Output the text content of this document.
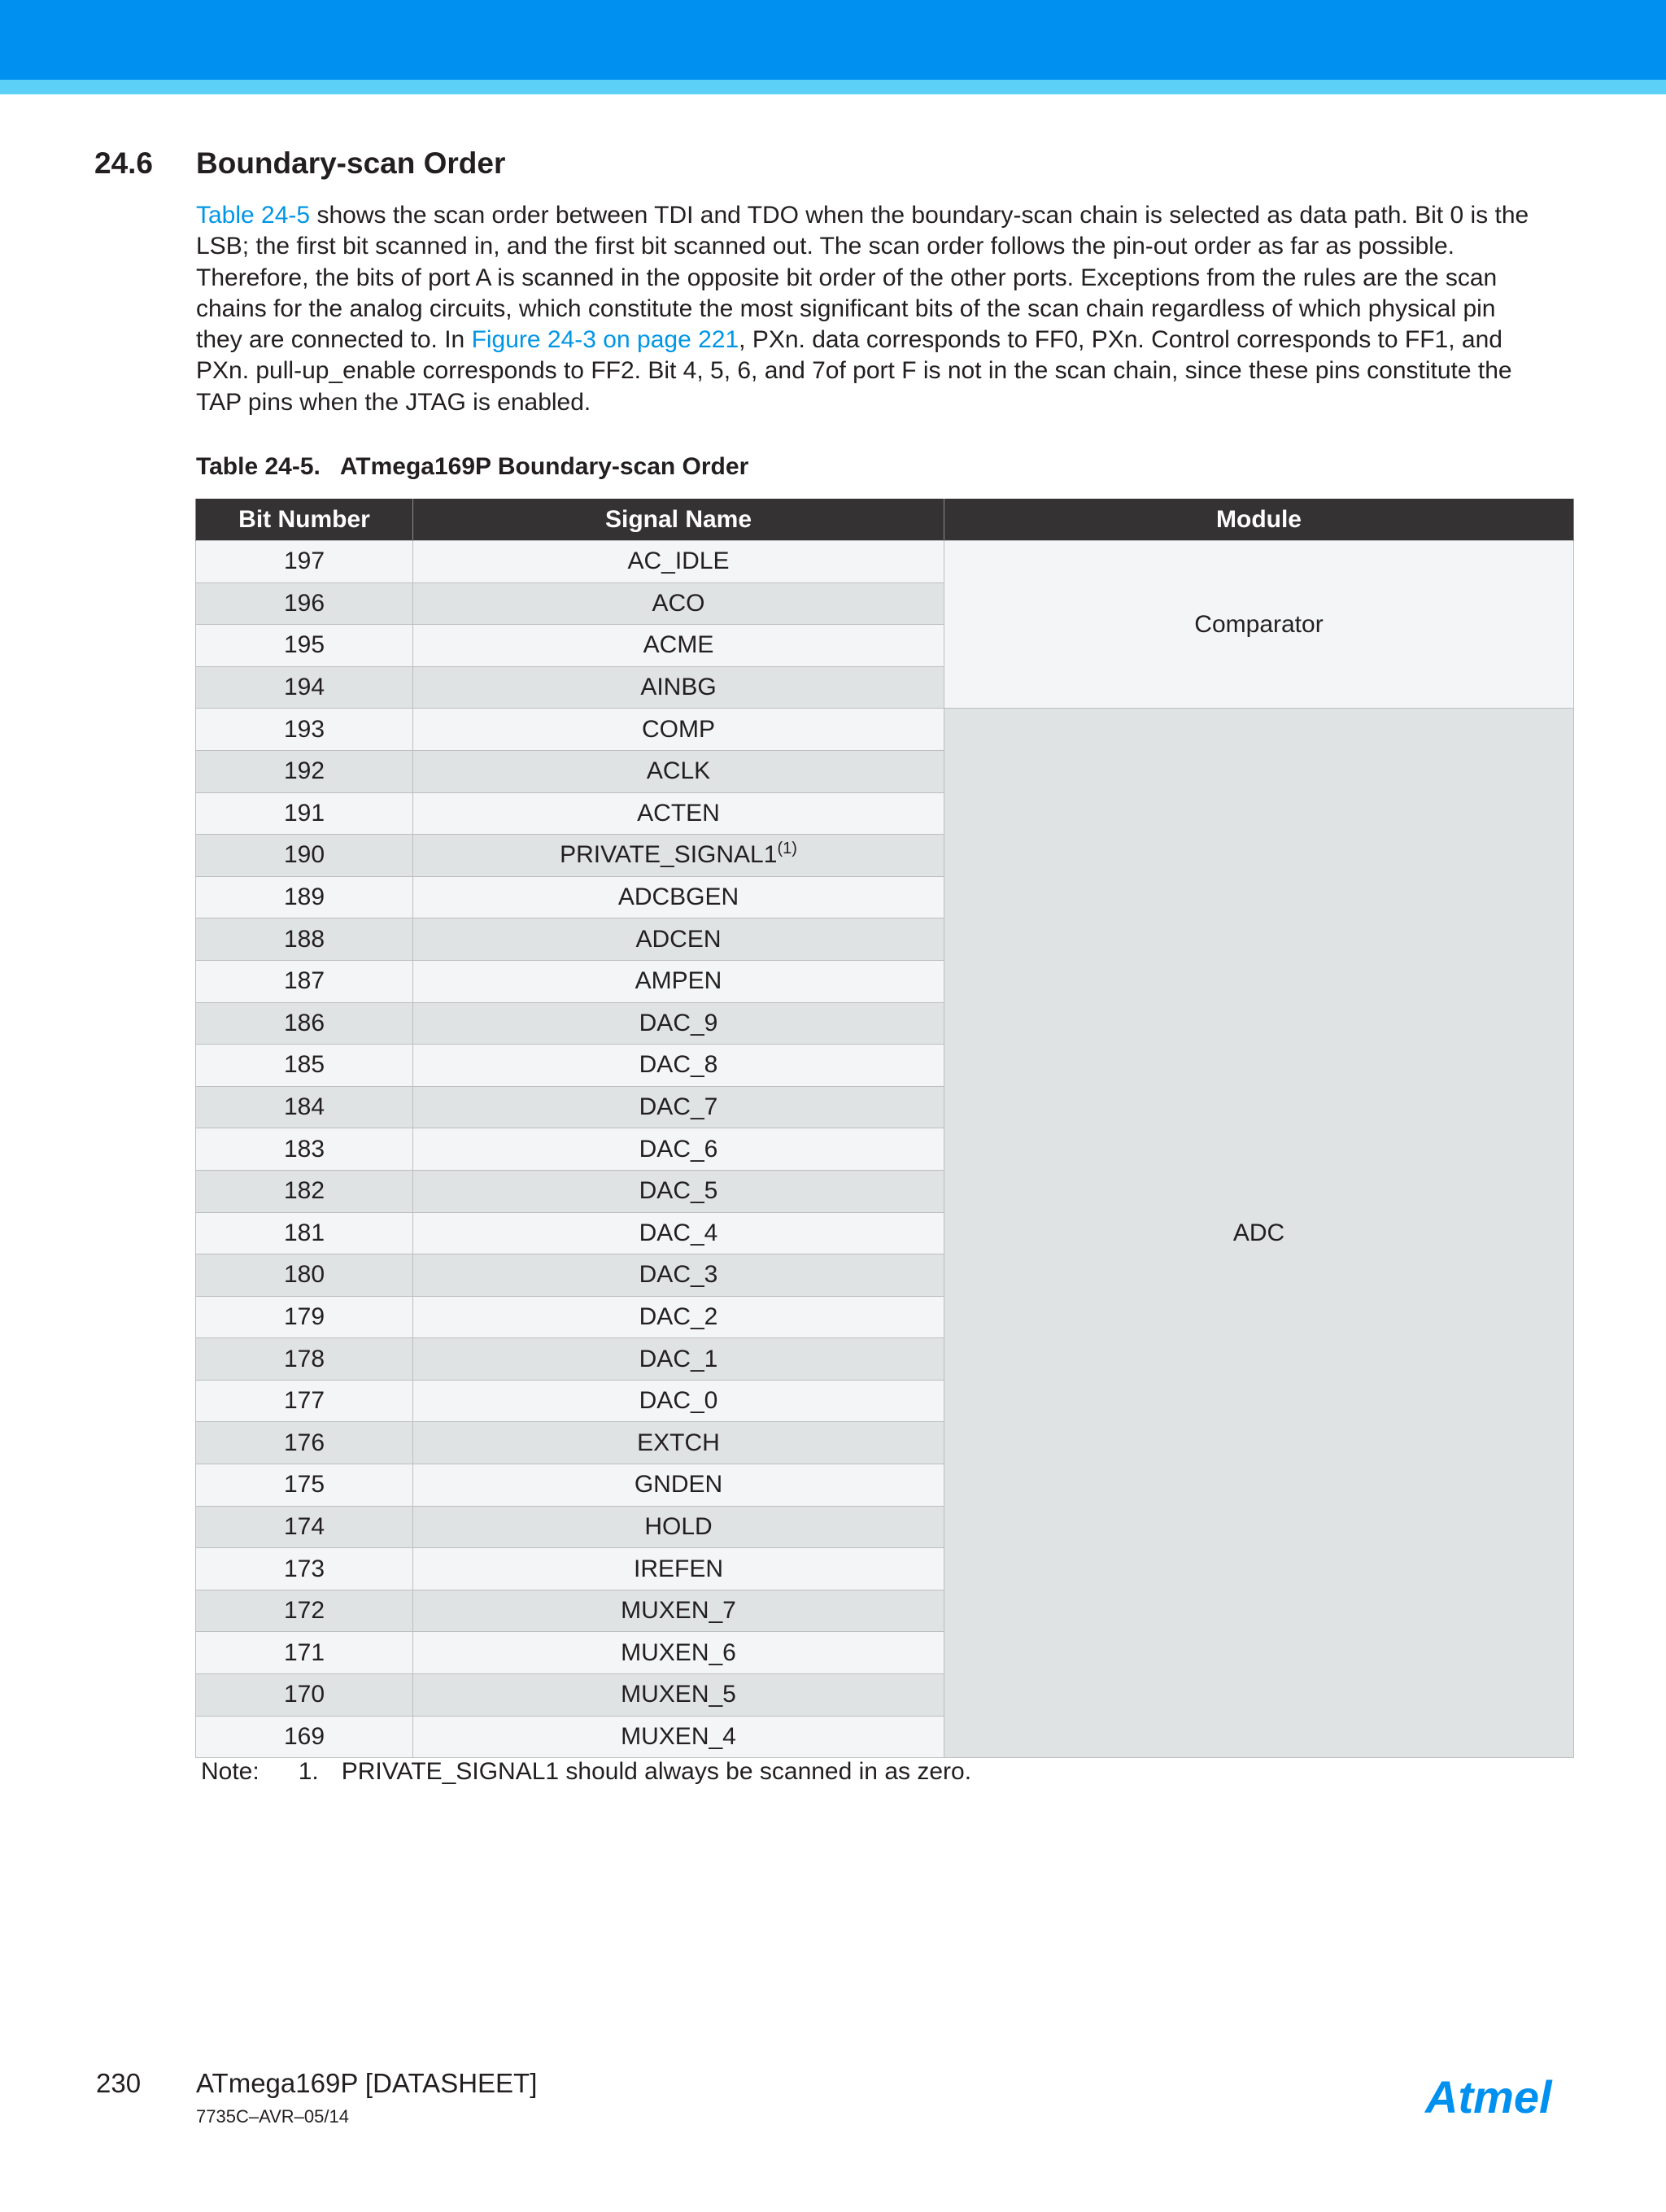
24.6 Boundary-scan Order
Table 24-5 shows the scan order between TDI and TDO when the boundary-scan chain is selected as data path. Bit 0 is the
LSB; the first bit scanned in, and the first bit scanned out. The scan order follows the pin-out order as far as possible.
Therefore, the bits of port A is scanned in the opposite bit order of the other ports. Exceptions from the rules are the scan
chains for the analog circuits, which constitute the most significant bits of the scan chain regardless of which physical pin
they are connected to. In Figure 24-3 on page 221, PXn. data corresponds to FF0, PXn. Control corresponds to FF1, and
PXn. pull-up_enable corresponds to FF2. Bit 4, 5, 6, and 7of port F is not in the scan chain, since these pins constitute the
TAP pins when the JTAG is enabled.
Table 24-5. ATmega169P Boundary-scan Order
Bit Number	Signal Name	Module
197	AC_IDLE	Comparator
196	ACO	
195	ACME	
194	AINBG	
193	COMP	ADC
192	ACLK	
191	ACTEN	
190	PRIVATE_SIGNAL1$^{(1)}$
189	ADCBGEN	
188	ADCEN	
187	AMPEN	
186	DAC_9	
185	DAC_8	
184	DAC_7	
183	DAC_6	
182	DAC_5	
181	DAC_4	
180	DAC_3	
179	DAC_2	
178	DAC_1	
177	DAC_0	
176	EXTCH	
175	GNDEN	
174	HOLD	
173	IREFEN	
172	MUXEN_7	
171	MUXEN_6	
170	MUXEN_5	
169	MUXEN_4	
Note: 1. PRIVATE_SIGNAL1 should always be scanned in as zero.
230 ATmega169P [DATASHEET]
7735C–AVR–05/14	Atmel
